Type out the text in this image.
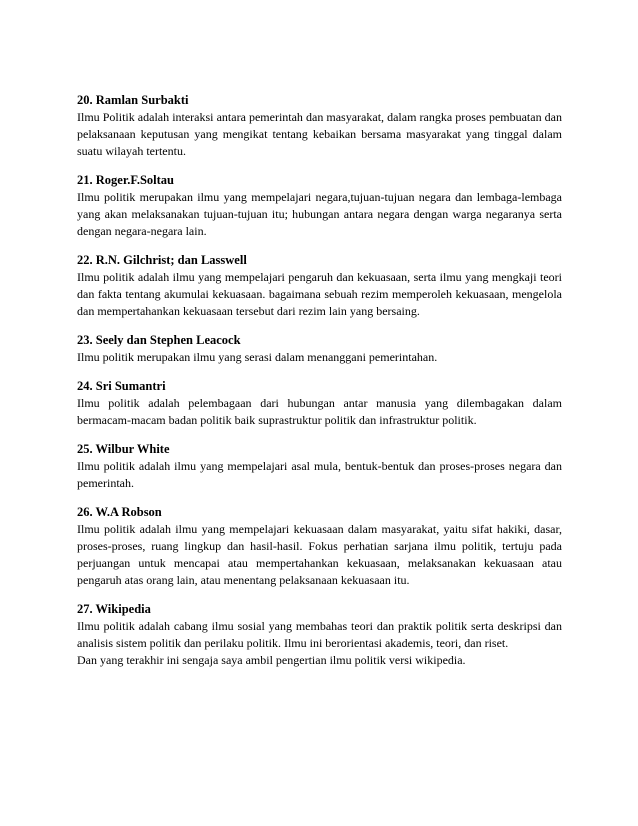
20. Ramlan Surbakti

Ilmu Politik adalah interaksi antara pemerintah dan masyarakat, dalam rangka proses pembuatan dan pelaksanaan keputusan yang mengikat tentang kebaikan bersama masyarakat yang tinggal dalam suatu wilayah tertentu.

21. Roger.F.Soltau

Ilmu politik merupakan ilmu yang mempelajari negara,tujuan-tujuan negara dan lembaga-lembaga yang akan melaksanakan tujuan-tujuan itu; hubungan antara negara dengan warga negaranya serta dengan negara-negara lain.

22. R.N. Gilchrist; dan Lasswell

Ilmu politik adalah ilmu yang mempelajari pengaruh dan kekuasaan, serta ilmu yang mengkaji teori dan fakta tentang akumulai kekuasaan. bagaimana sebuah rezim memperoleh kekuasaan, mengelola dan mempertahankan kekuasaan tersebut dari rezim lain yang bersaing.

23. Seely dan Stephen Leacock

Ilmu politik merupakan ilmu yang serasi dalam menanggani pemerintahan.

24. Sri Sumantri

Ilmu politik adalah pelembagaan dari hubungan antar manusia yang dilembagakan dalam bermacam-macam badan politik baik suprastruktur politik dan infrastruktur politik.

25. Wilbur White

Ilmu politik adalah ilmu yang mempelajari asal mula, bentuk-bentuk dan proses-proses negara dan pemerintah.

26. W.A Robson

Ilmu politik adalah ilmu yang mempelajari kekuasaan dalam masyarakat, yaitu sifat hakiki, dasar, proses-proses, ruang lingkup dan hasil-hasil. Fokus perhatian sarjana ilmu politik, tertuju pada perjuangan untuk mencapai atau mempertahankan kekuasaan, melaksanakan kekuasaan atau pengaruh atas orang lain, atau menentang pelaksanaan kekuasaan itu.

27. Wikipedia

Ilmu politik adalah cabang ilmu sosial yang membahas teori dan praktik politik serta deskripsi dan analisis sistem politik dan perilaku politik. Ilmu ini berorientasi akademis, teori, dan riset.

Dan yang terakhir ini sengaja saya ambil pengertian ilmu politik versi wikipedia.
